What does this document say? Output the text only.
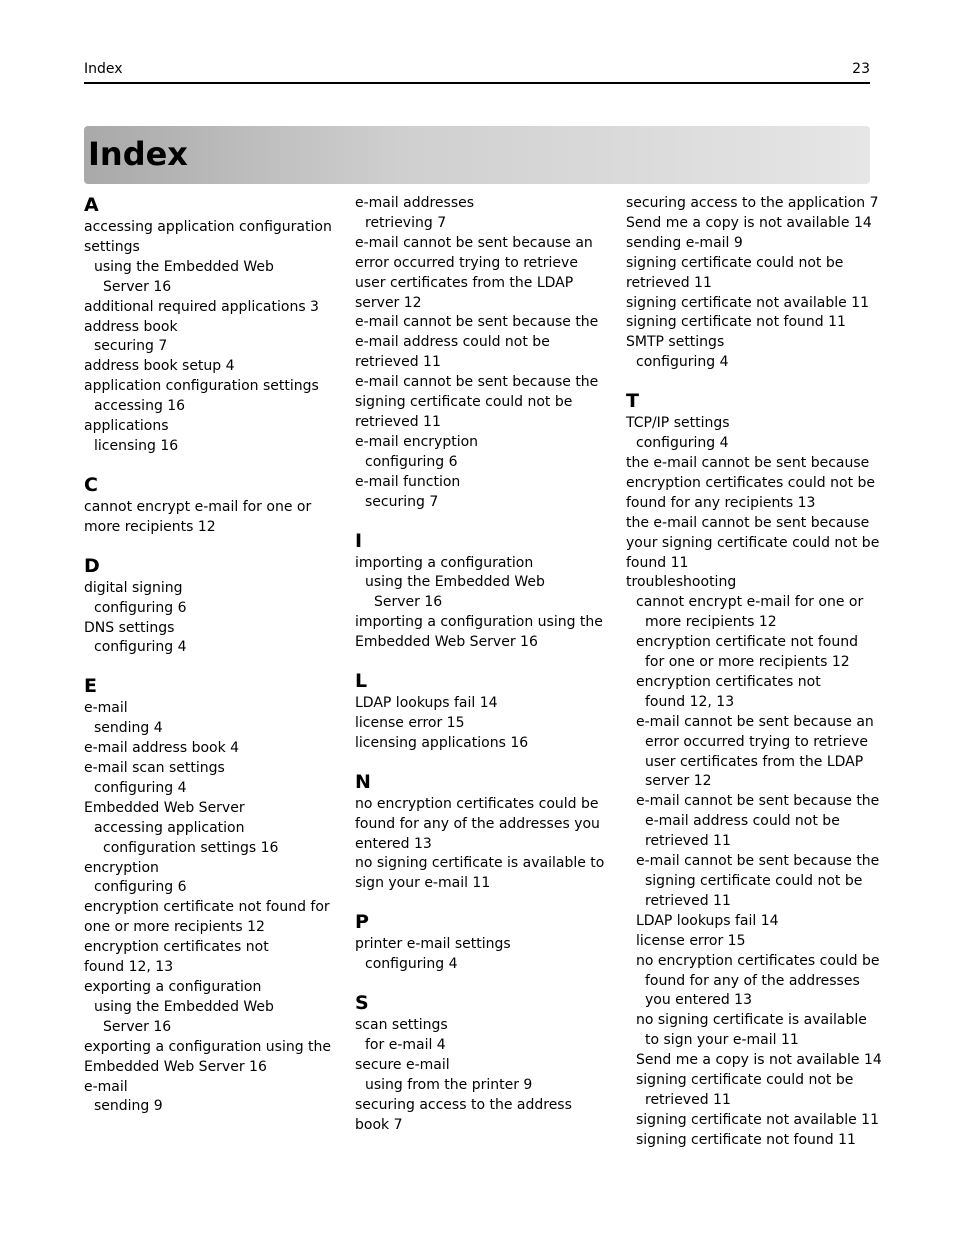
Index	23
Index
A
accessing application configuration
settings
using the Embedded Web
Server 16
additional required applications 3
address book
securing 7
address book setup 4
application configuration settings
accessing 16
applications
licensing 16
C
cannot encrypt e-mail for one or
more recipients 12
D
digital signing
configuring 6
DNS settings
configuring 4
E
e-mail
sending 4
e-mail address book 4
e-mail scan settings
configuring 4
Embedded Web Server
accessing application
configuration settings 16
encryption
configuring 6
encryption certificate not found for
one or more recipients 12
encryption certificates not
found 12, 13
exporting a configuration
using the Embedded Web
Server 16
exporting a configuration using the
Embedded Web Server 16
e-mail
sending 9
e-mail addresses
retrieving 7
e-mail cannot be sent because an
error occurred trying to retrieve
user certificates from the LDAP
server 12
e-mail cannot be sent because the
e-mail address could not be
retrieved 11
e-mail cannot be sent because the
signing certificate could not be
retrieved 11
e-mail encryption
configuring 6
e-mail function
securing 7
I
importing a configuration
using the Embedded Web
Server 16
importing a configuration using the
Embedded Web Server 16
L
LDAP lookups fail 14
license error 15
licensing applications 16
N
no encryption certificates could be
found for any of the addresses you
entered 13
no signing certificate is available to
sign your e-mail 11
P
printer e-mail settings
configuring 4
S
scan settings
for e-mail 4
secure e-mail
using from the printer 9
securing access to the address
book 7
securing access to the application 7
Send me a copy is not available 14
sending e-mail 9
signing certificate could not be
retrieved 11
signing certificate not available 11
signing certificate not found 11
SMTP settings
configuring 4
T
TCP/IP settings
configuring 4
the e-mail cannot be sent because
encryption certificates could not be
found for any recipients 13
the e-mail cannot be sent because
your signing certificate could not be
found 11
troubleshooting
cannot encrypt e-mail for one or
more recipients 12
encryption certificate not found
for one or more recipients 12
encryption certificates not
found 12, 13
e-mail cannot be sent because an
error occurred trying to retrieve
user certificates from the LDAP
server 12
e-mail cannot be sent because the
e-mail address could not be
retrieved 11
e-mail cannot be sent because the
signing certificate could not be
retrieved 11
LDAP lookups fail 14
license error 15
no encryption certificates could be
found for any of the addresses
you entered 13
no signing certificate is available
to sign your e-mail 11
Send me a copy is not available 14
signing certificate could not be
retrieved 11
signing certificate not available 11
signing certificate not found 11
